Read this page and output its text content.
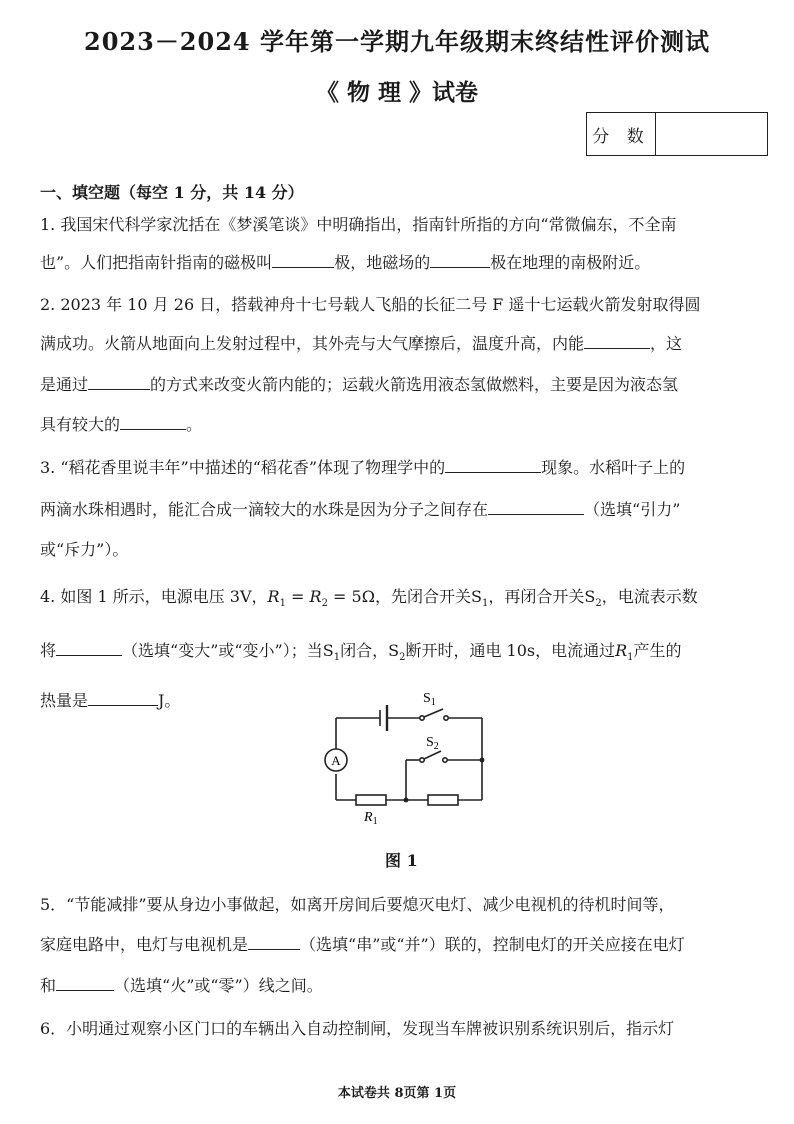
2023－2024 学年第一学期九年级期末终结性评价测试
《 物 理 》试卷
分 数
一、填空题（每空 1 分，共 14 分）
1. 我国宋代科学家沈括在《梦溪笔谈》中明确指出，指南针所指的方向“常微偏东，不全南
也”。人们把指南针指南的磁极叫	极，地磁场的	极在地理的南极附近。
2. 2023 年 10 月 26 日，搭载神舟十七号载人飞船的长征二号 F 遥十七运载火箭发射取得圆
满成功。火箭从地面向上发射过程中，其外壳与大气摩擦后，温度升高，内能	，这
是通过	的方式来改变火箭内能的；运载火箭选用液态氢做燃料，主要是因为液态氢
具有较大的	。
3. “稻花香里说丰年”中描述的“稻花香”体现了物理学中的	现象。水稻叶子上的
两滴水珠相遇时，能汇合成一滴较大的水珠是因为分子之间存在	（选填“引力”
或“斥力”）。
4. 如图 1 所示，电源电压 3V，$R_1 = R_2 = 5\Omega$，先闭合开关$S_1$，再闭合开关$S_2$，电流表示数
将	（选填“变大”或“变小”）；当$S_1$闭合，$S_2$断开时，通电 10s，电流通过$R_1$产生的
热量是	J。
A
$S_1$
$S_2$
$R_1$
图 1
5．“节能减排”要从身边小事做起，如离开房间后要熄灭电灯、减少电视机的待机时间等，
家庭电路中，电灯与电视机是	（选填“串”或“并”）联的，控制电灯的开关应接在电灯
和	（选填“火”或“零”）线之间。
6．小明通过观察小区门口的车辆出入自动控制闸，发现当车牌被识别系统识别后，指示灯
本试卷共 8页第 1页
